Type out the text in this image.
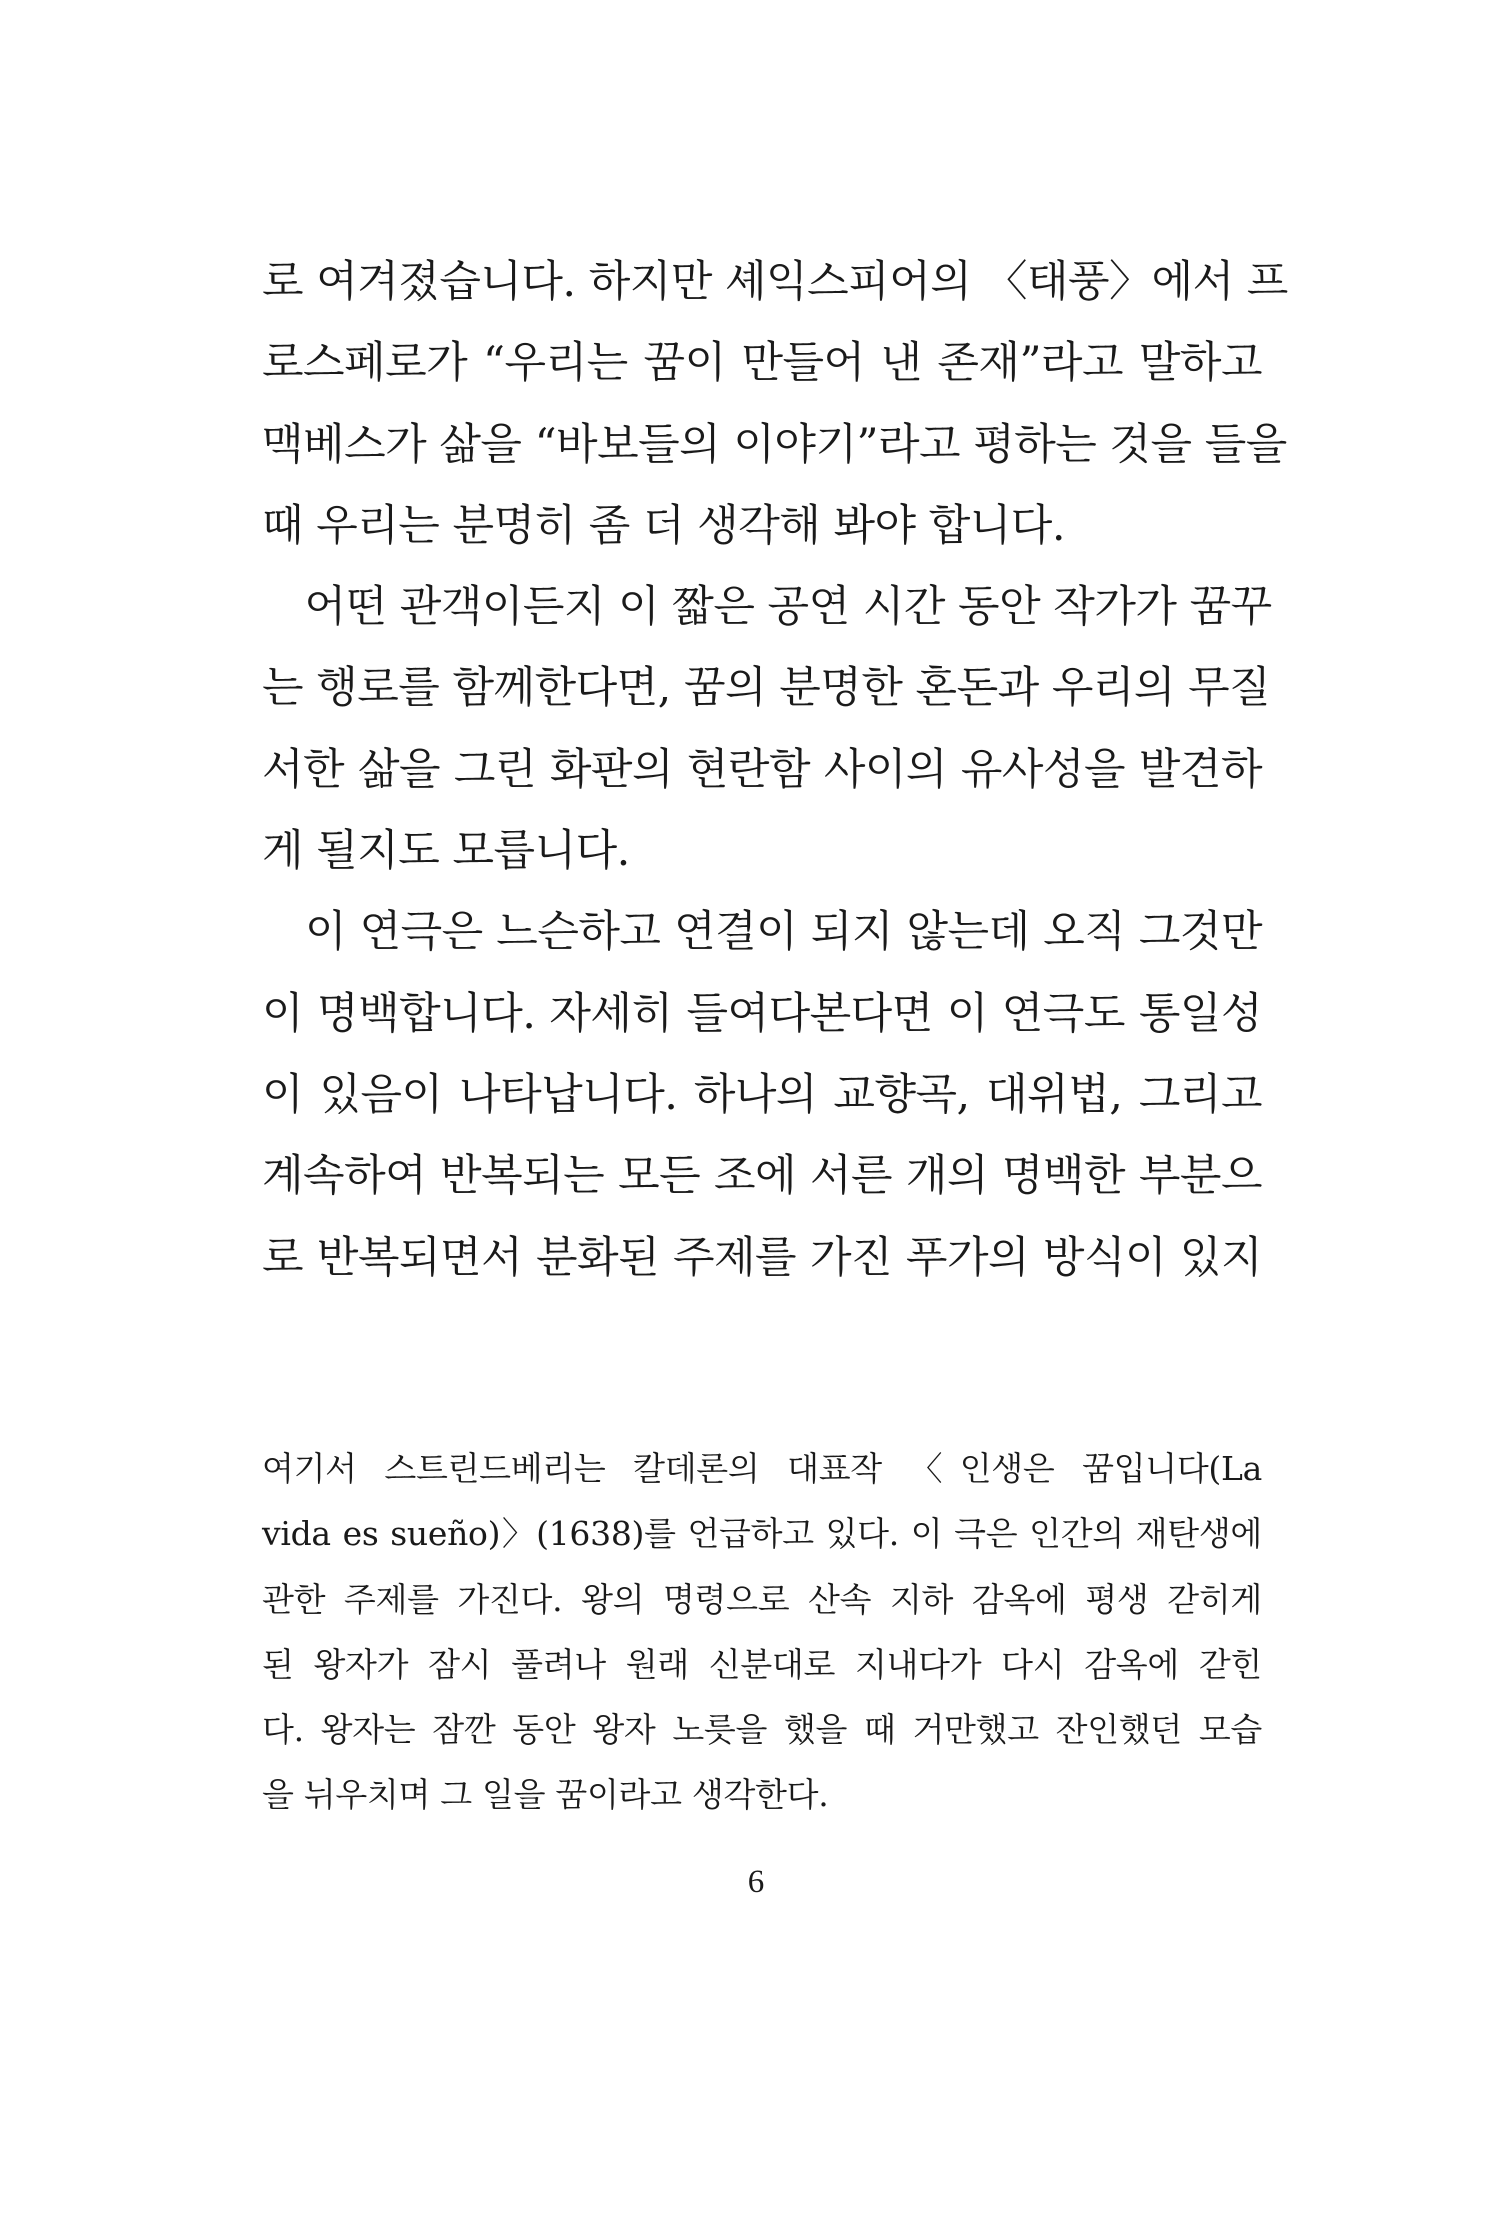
로 여겨졌습니다. 하지만 셰익스피어의 〈태풍〉에서 프
로스페로가 “우리는 꿈이 만들어 낸 존재”라고 말하고
맥베스가 삶을 “바보들의 이야기”라고 평하는 것을 들을
때 우리는 분명히 좀 더 생각해 봐야 합니다.
　어떤 관객이든지 이 짧은 공연 시간 동안 작가가 꿈꾸
는 행로를 함께한다면, 꿈의 분명한 혼돈과 우리의 무질
서한 삶을 그린 화판의 현란함 사이의 유사성을 발견하
게 될지도 모릅니다.
　이 연극은 느슨하고 연결이 되지 않는데 오직 그것만
이 명백합니다. 자세히 들여다본다면 이 연극도 통일성
이 있음이 나타납니다. 하나의 교향곡, 대위법, 그리고
계속하여 반복되는 모든 조에 서른 개의 명백한 부분으
로 반복되면서 분화된 주제를 가진 푸가의 방식이 있지
여기서 스트린드베리는 칼데론의 대표작 〈인생은 꿈입니다(La
vida es sueño)〉(1638)를 언급하고 있다. 이 극은 인간의 재탄생에
관한 주제를 가진다. 왕의 명령으로 산속 지하 감옥에 평생 갇히게
된 왕자가 잠시 풀려나 원래 신분대로 지내다가 다시 감옥에 갇힌
다. 왕자는 잠깐 동안 왕자 노릇을 했을 때 거만했고 잔인했던 모습
을 뉘우치며 그 일을 꿈이라고 생각한다.
6
